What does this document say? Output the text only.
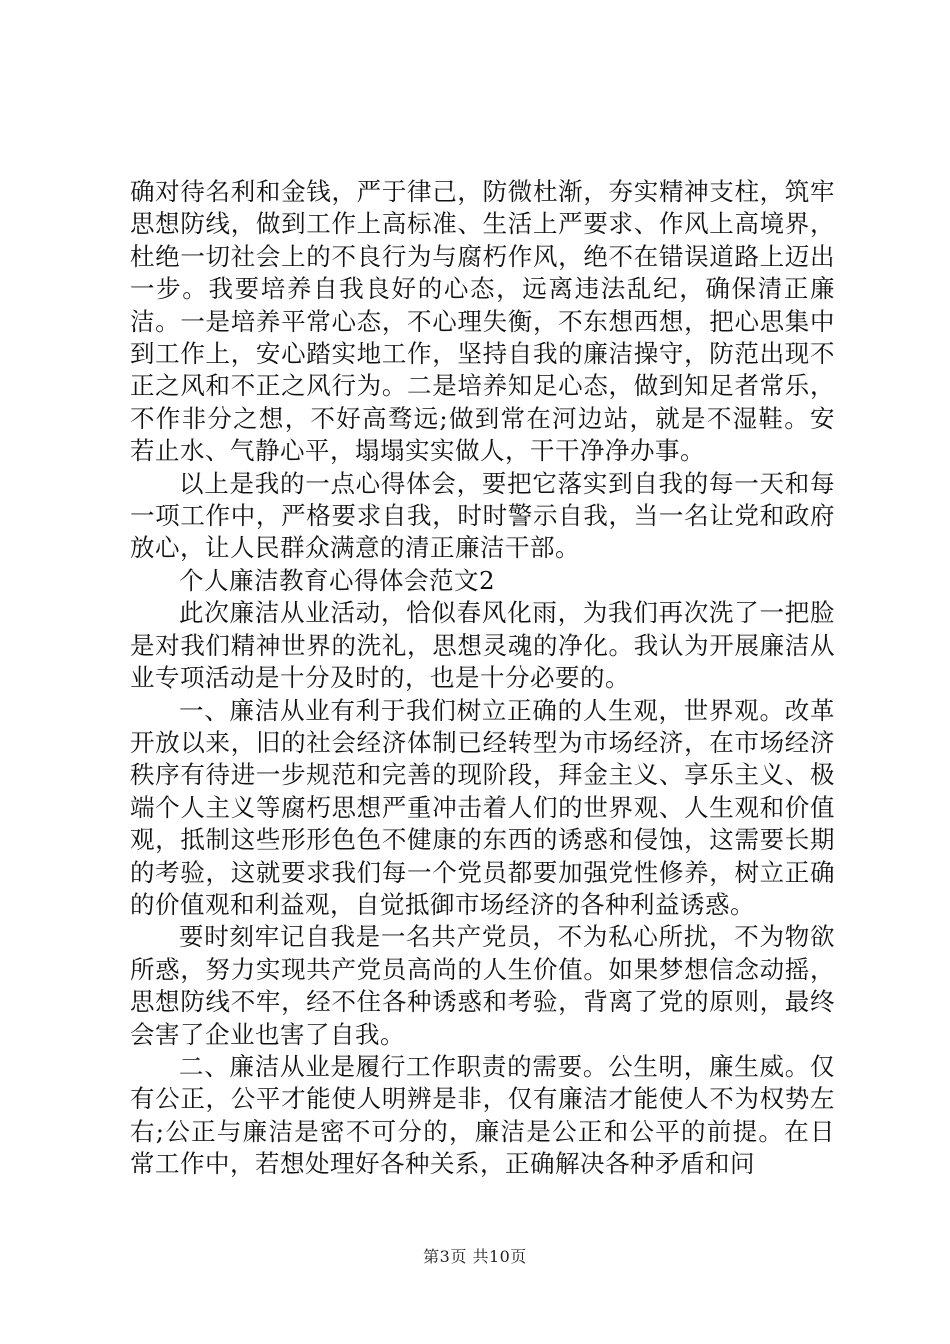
确对待名利和金钱，严于律己，防微杜渐，夯实精神支柱，筑牢思想防线，做到工作上高标准、生活上严要求、作风上高境界，杜绝一切社会上的不良行为与腐朽作风，绝不在错误道路上迈出一步。我要培养自我良好的心态，远离违法乱纪，确保清正廉洁。一是培养平常心态，不心理失衡，不东想西想，把心思集中到工作上，安心踏实地工作，坚持自我的廉洁操守，防范出现不正之风和不正之风行为。二是培养知足心态，做到知足者常乐，不作非分之想，不好高骛远;做到常在河边站，就是不湿鞋。安若止水、气静心平，塌塌实实做人，干干净净办事。

以上是我的一点心得体会，要把它落实到自我的每一天和每一项工作中，严格要求自我，时时警示自我，当一名让党和政府放心，让人民群众满意的清正廉洁干部。

个人廉洁教育心得体会范文2

此次廉洁从业活动，恰似春风化雨，为我们再次洗了一把脸是对我们精神世界的洗礼，思想灵魂的净化。我认为开展廉洁从业专项活动是十分及时的，也是十分必要的。

一、廉洁从业有利于我们树立正确的人生观，世界观。改革开放以来，旧的社会经济体制已经转型为市场经济，在市场经济秩序有待进一步规范和完善的现阶段，拜金主义、享乐主义、极端个人主义等腐朽思想严重冲击着人们的世界观、人生观和价值观，抵制这些形形色色不健康的东西的诱惑和侵蚀，这需要长期的考验，这就要求我们每一个党员都要加强党性修养，树立正确的价值观和利益观，自觉抵御市场经济的各种利益诱惑。

要时刻牢记自我是一名共产党员，不为私心所扰，不为物欲所惑，努力实现共产党员高尚的人生价值。如果梦想信念动摇，思想防线不牢，经不住各种诱惑和考验，背离了党的原则，最终会害了企业也害了自我。

二、廉洁从业是履行工作职责的需要。公生明，廉生威。仅有公正，公平才能使人明辨是非，仅有廉洁才能使人不为权势左右;公正与廉洁是密不可分的，廉洁是公正和公平的前提。在日常工作中，若想处理好各种关系，正确解决各种矛盾和问

第3页 共10页
